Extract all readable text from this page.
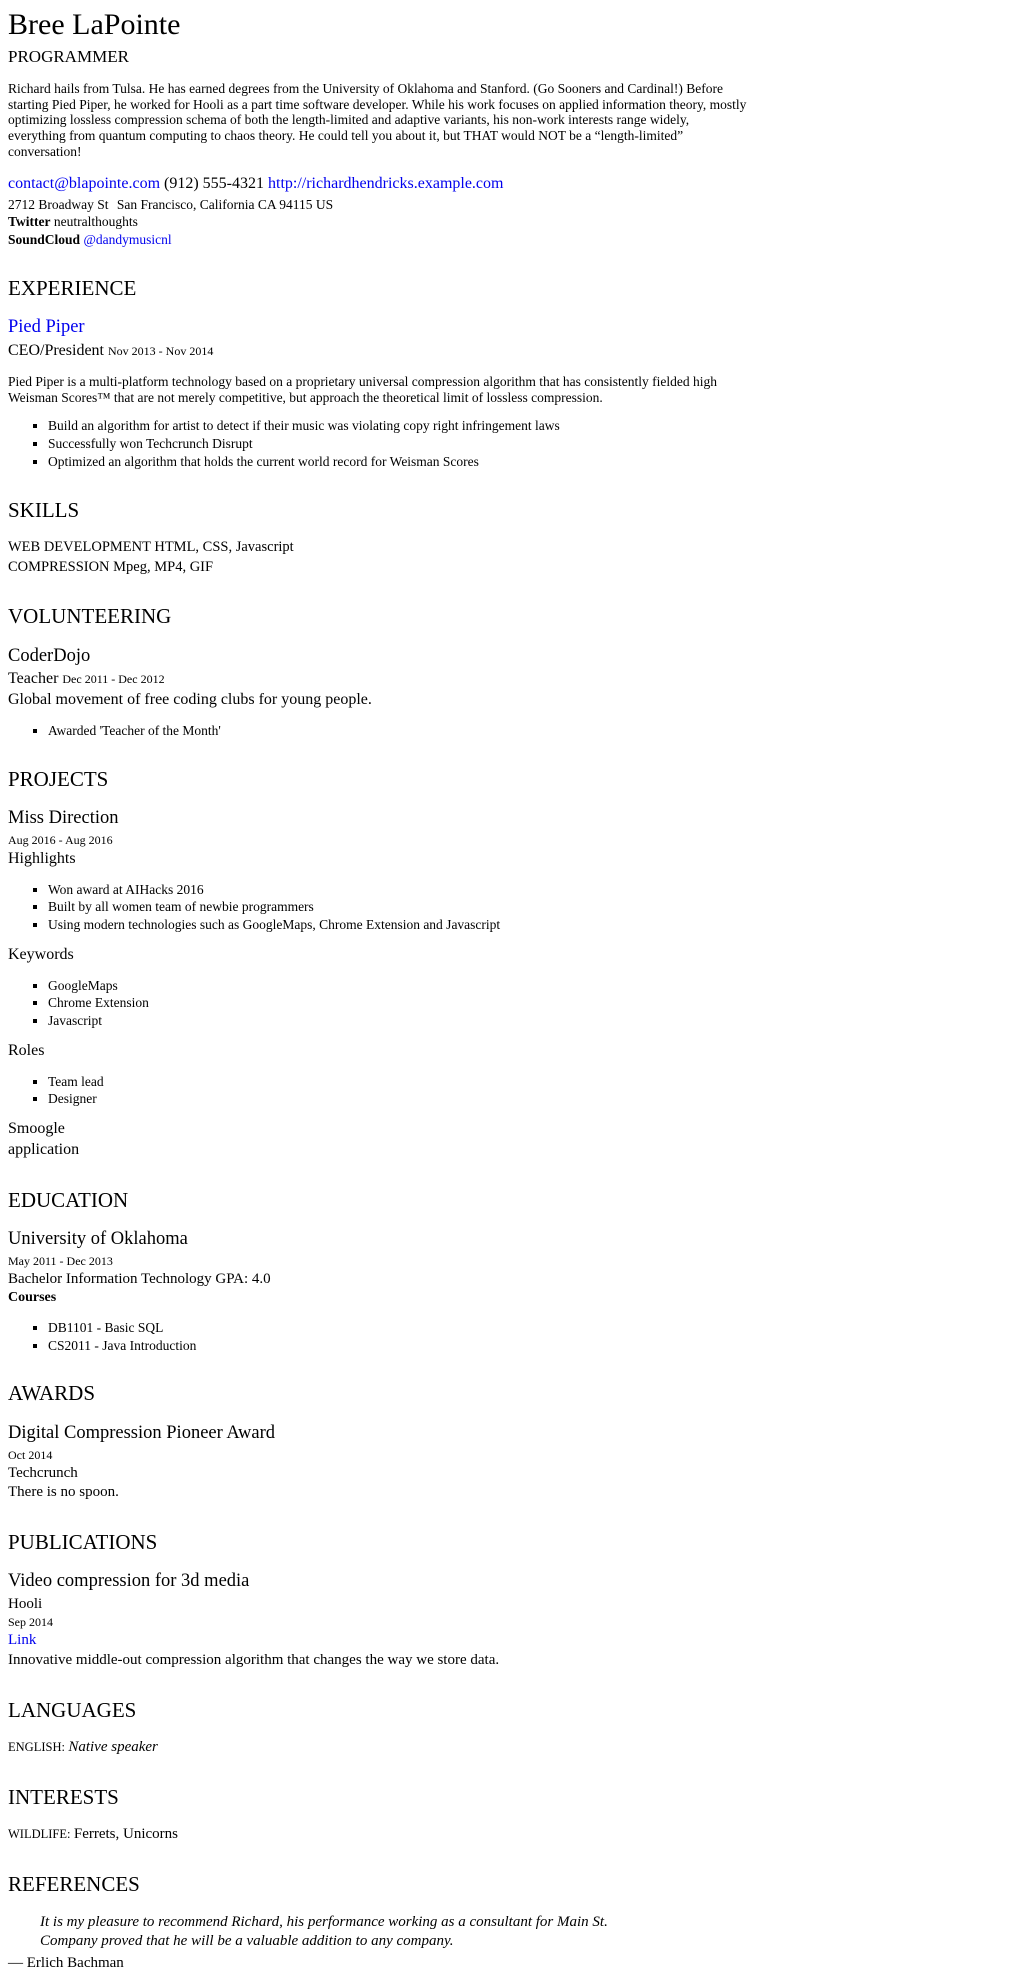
Bree LaPointe
PROGRAMMER

Richard hails from Tulsa. He has earned degrees from the University of Oklahoma and Stanford. (Go Sooners and Cardinal!) Before starting Pied Piper, he worked for Hooli as a part time software developer. While his work focuses on applied information theory, mostly optimizing lossless compression schema of both the length-limited and adaptive variants, his non-work interests range widely, everything from quantum computing to chaos theory. He could tell you about it, but THAT would NOT be a “length-limited” conversation!

contact@blapointe.com (912) 555-4321 http://richardhendricks.example.com
2712 Broadway St San Francisco, California CA 94115 US
Twitter neutralthoughts
SoundCloud @dandymusicnl
EXPERIENCE
Pied Piper
CEO/President Nov 2013 - Nov 2014

Pied Piper is a multi-platform technology based on a proprietary universal compression algorithm that has consistently fielded high Weisman Scores™ that are not merely competitive, but approach the theoretical limit of lossless compression.

▪ Build an algorithm for artist to detect if their music was violating copy right infringement laws
▪ Successfully won Techcrunch Disrupt
▪ Optimized an algorithm that holds the current world record for Weisman Scores
SKILLS
WEB DEVELOPMENT HTML, CSS, Javascript
COMPRESSION Mpeg, MP4, GIF
VOLUNTEERING
CoderDojo
Teacher Dec 2011 - Dec 2012
Global movement of free coding clubs for young people.
▪ Awarded 'Teacher of the Month'
PROJECTS
Miss Direction
Aug 2016 - Aug 2016
Highlights
▪ Won award at AIHacks 2016
▪ Built by all women team of newbie programmers
▪ Using modern technologies such as GoogleMaps, Chrome Extension and Javascript
Keywords
▪ GoogleMaps
▪ Chrome Extension
▪ Javascript
Roles
▪ Team lead
▪ Designer
Smoogle
application
EDUCATION
University of Oklahoma
May 2011 - Dec 2013
Bachelor Information Technology GPA: 4.0
Courses
▪ DB1101 - Basic SQL
▪ CS2011 - Java Introduction
AWARDS
Digital Compression Pioneer Award
Oct 2014
Techcrunch
There is no spoon.
PUBLICATIONS
Video compression for 3d media
Hooli
Sep 2014
Link
Innovative middle-out compression algorithm that changes the way we store data.
LANGUAGES
ENGLISH: Native speaker
INTERESTS
WILDLIFE: Ferrets, Unicorns
REFERENCES
It is my pleasure to recommend Richard, his performance working as a consultant for Main St. Company proved that he will be a valuable addition to any company.

— Erlich Bachman
